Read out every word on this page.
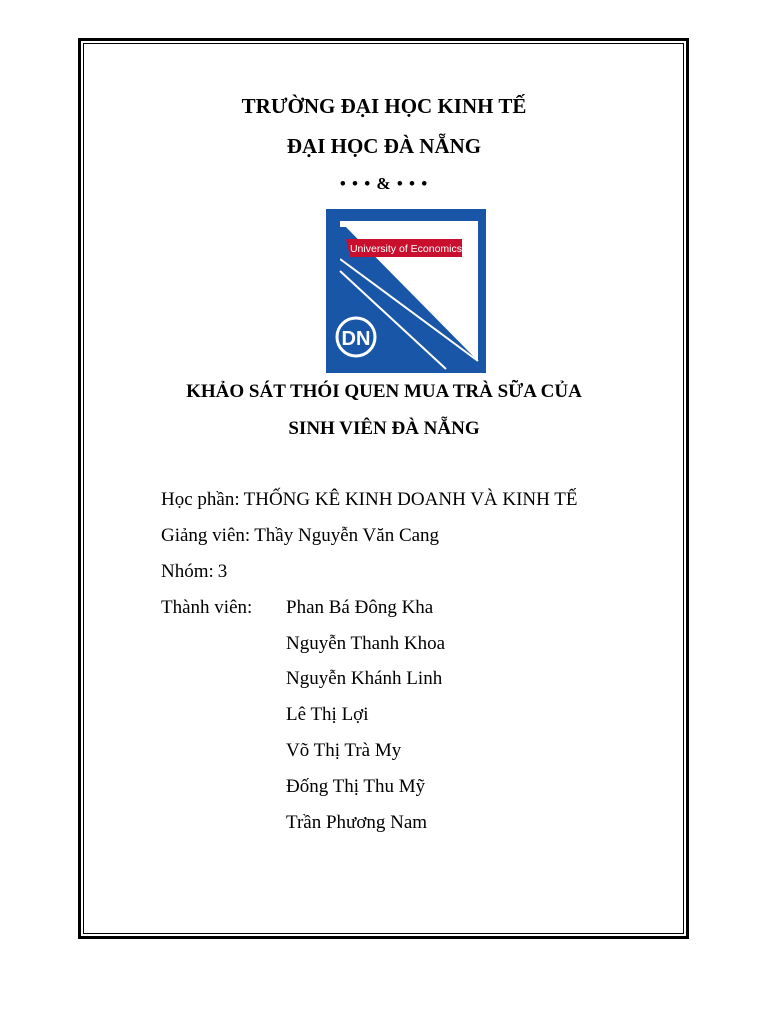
TRƯỜNG ĐẠI HỌC KINH TẾ
ĐẠI HỌC ĐÀ NẴNG
• • • & • • •
University of Economics
DN
KHẢO SÁT THÓI QUEN MUA TRÀ SỮA CỦA
SINH VIÊN ĐÀ NẴNG
Học phần: THỐNG KÊ KINH DOANH VÀ KINH TẾ
Giảng viên: Thầy Nguyễn Văn Cang
Nhóm: 3
Thành viên: Phan Bá Đông Kha
Nguyễn Thanh Khoa
Nguyễn Khánh Linh
Lê Thị Lợi
Võ Thị Trà My
Đống Thị Thu Mỹ
Trần Phương Nam
